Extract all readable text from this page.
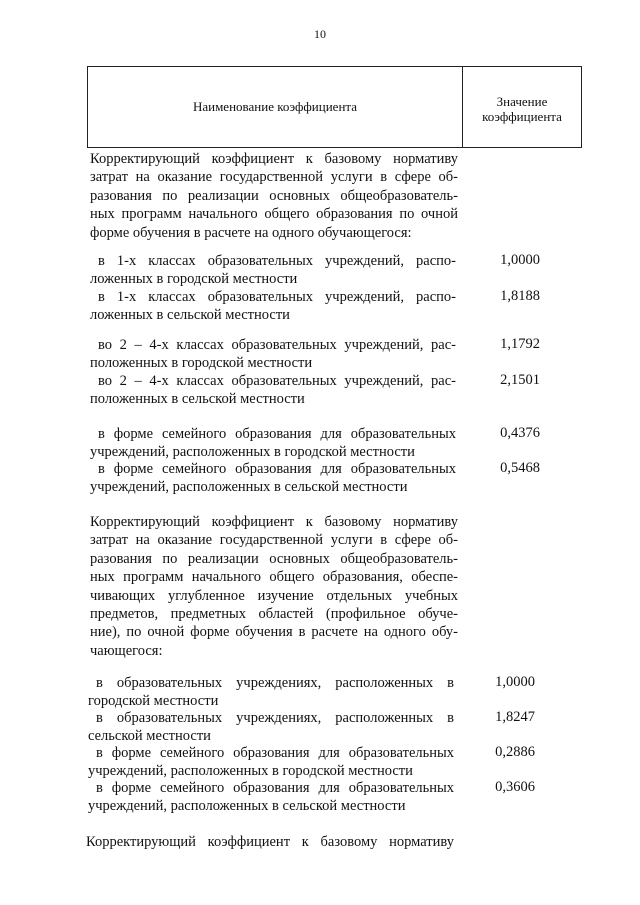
10
Наименование коэффициента	Значение
коэффициента
Корректирующий коэффициент к базовому нормативу
затрат на оказание государственной услуги в сфере об-
разования по реализации основных общеобразователь-
ных программ начального общего образования по очной
форме обучения в расчете на одного обучающегося:
в 1-х классах образовательных учреждений, распо-
ложенных в городской местности
1,0000
в 1-х классах образовательных учреждений, распо-
ложенных в сельской местности
1,8188
во 2 – 4-х классах образовательных учреждений, рас-
положенных в городской местности
1,1792
во 2 – 4-х классах образовательных учреждений, рас-
положенных в сельской местности
2,1501
в форме семейного образования для образовательных
учреждений, расположенных в городской местности
0,4376
в форме семейного образования для образовательных
учреждений, расположенных в сельской местности
0,5468
Корректирующий коэффициент к базовому нормативу
затрат на оказание государственной услуги в сфере об-
разования по реализации основных общеобразователь-
ных программ начального общего образования, обеспе-
чивающих углубленное изучение отдельных учебных
предметов, предметных областей (профильное обуче-
ние), по очной форме обучения в расчете на одного обу-
чающегося:
в образовательных учреждениях, расположенных в
городской местности
1,0000
в образовательных учреждениях, расположенных в
сельской местности
1,8247
в форме семейного образования для образовательных
учреждений, расположенных в городской местности
0,2886
в форме семейного образования для образовательных
учреждений, расположенных в сельской местности
0,3606
Корректирующий коэффициент к базовому нормативу
